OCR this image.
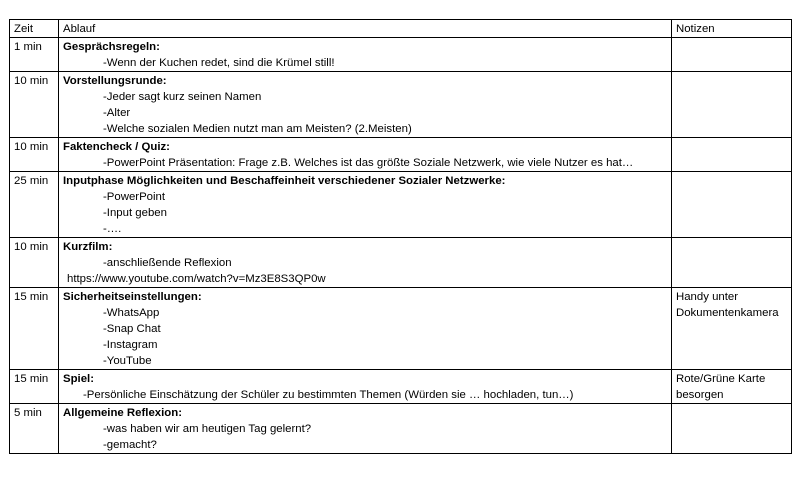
Zeit	Ablauf	Notizen
1 min	Gesprächsregeln:
-Wenn der Kuchen redet, sind die Krümel still!	

10 min	Vorstellungsrunde:
-Jeder sagt kurz seinen Namen
-Alter
-Welche sozialen Medien nutzt man am Meisten? (2.Meisten)	

10 min	Faktencheck / Quiz:
-PowerPoint Präsentation: Frage z.B. Welches ist das größte Soziale Netzwerk, wie viele Nutzer es hat…	

25 min	Inputphase Möglichkeiten und Beschaffeinheit verschiedener Sozialer Netzwerke:
-PowerPoint
-Input geben
-….	

10 min	Kurzfilm:
-anschließende Reflexion
https://www.youtube.com/watch?v=Mz3E8S3QP0w	

15 min	Sicherheitseinstellungen:
-WhatsApp
-Snap Chat
-Instagram
-YouTube	Handy unter Dokumentenkamera
15 min	Spiel:
-Persönliche Einschätzung der Schüler zu bestimmten Themen (Würden sie … hochladen, tun…)	Rote/Grüne Karte besorgen
5 min	Allgemeine Reflexion:
-was haben wir am heutigen Tag gelernt?
-gemacht?	
